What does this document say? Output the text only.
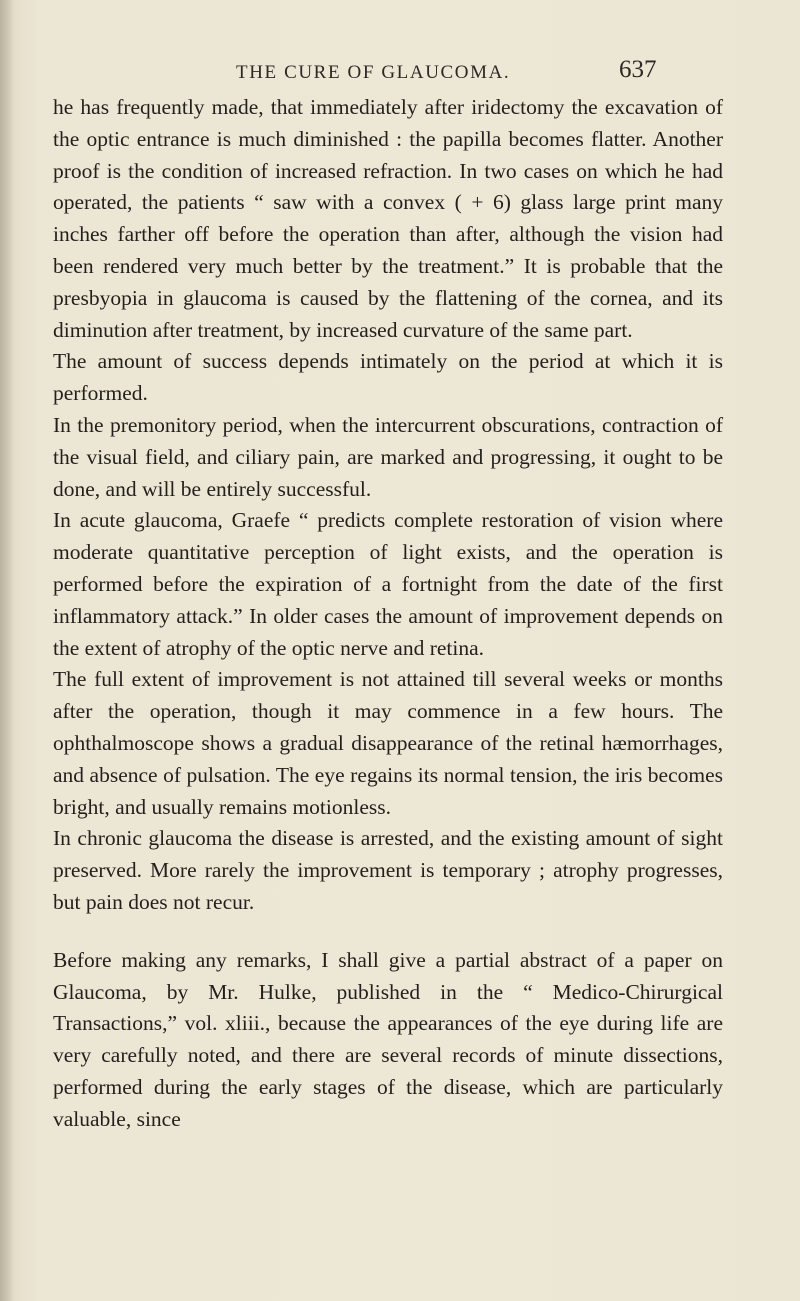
THE CURE OF GLAUCOMA.	637

he has frequently made, that immediately after iridectomy the excavation of the optic entrance is much diminished : the papilla becomes flatter. Another proof is the condition of increased refraction. In two cases on which he had operated, the patients “ saw with a convex ( + 6) glass large print many inches farther off before the operation than after, although the vision had been rendered very much better by the treatment.” It is probable that the presbyopia in glaucoma is caused by the flattening of the cornea, and its diminution after treatment, by increased curvature of the same part.

The amount of success depends intimately on the period at which it is performed.

In the premonitory period, when the intercurrent obscurations, contraction of the visual field, and ciliary pain, are marked and progressing, it ought to be done, and will be entirely successful.

In acute glaucoma, Graefe “ predicts complete restoration of vision where moderate quantitative perception of light exists, and the operation is performed before the expiration of a fortnight from the date of the first inflammatory attack.” In older cases the amount of improvement depends on the extent of atrophy of the optic nerve and retina.

The full extent of improvement is not attained till several weeks or months after the operation, though it may commence in a few hours. The ophthalmoscope shows a gradual disappearance of the retinal hæmorrhages, and absence of pulsation. The eye regains its normal tension, the iris becomes bright, and usually remains motionless.

In chronic glaucoma the disease is arrested, and the existing amount of sight preserved. More rarely the improvement is temporary ; atrophy progresses, but pain does not recur.

Before making any remarks, I shall give a partial abstract of a paper on Glaucoma, by Mr. Hulke, published in the “ Medico-Chirurgical Transactions,” vol. xliii., because the appearances of the eye during life are very carefully noted, and there are several records of minute dissections, performed during the early stages of the disease, which are particularly valuable, since
